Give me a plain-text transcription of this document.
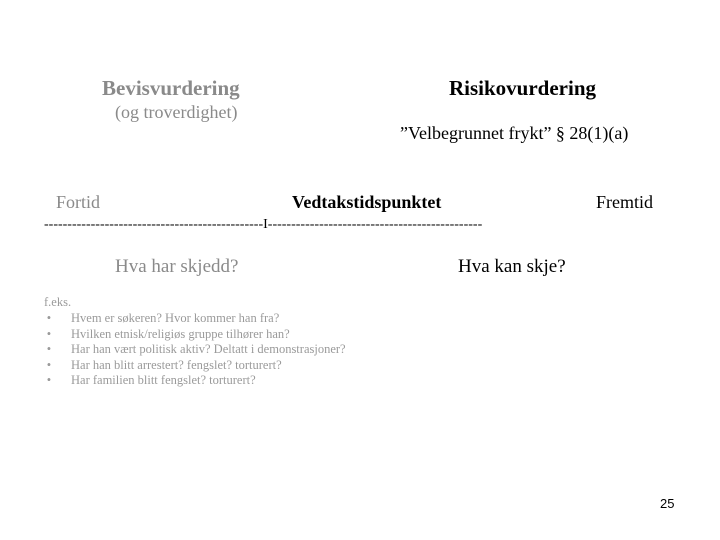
Bevisvurdering
(og troverdighet)
Risikovurdering
”Velbegrunnet frykt” § 28(1)(a)
Fortid	Vedtakstidspunktet	Fremtid
-----------------------------------------------I----------------------------------------------
Hva har skjedd?	Hva kan skje?
f.eks.
• Hvem er søkeren? Hvor kommer han fra?
• Hvilken etnisk/religiøs gruppe tilhører han?
• Har han vært politisk aktiv? Deltatt i demonstrasjoner?
• Har han blitt arrestert? fengslet? torturert?
• Har familien blitt fengslet? torturert?
25
